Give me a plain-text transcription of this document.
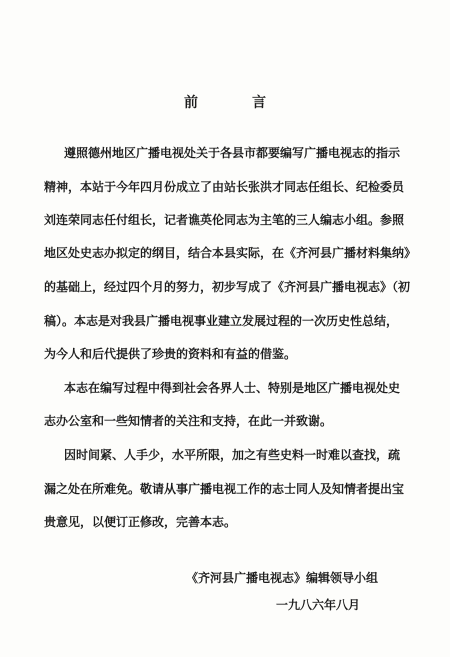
前　言
遵照德州地区广播电视处关于各县市都要编写广播电视志的指示
精神，本站于今年四月份成立了由站长张洪才同志任组长、纪检委员
刘连荣同志任付组长，记者谯英伦同志为主笔的三人编志小组。参照
地区处史志办拟定的纲目，结合本县实际，在《齐河县广播材料集纳》
的基础上，经过四个月的努力，初步写成了《齐河县广播电视志》（初
稿）。本志是对我县广播电视事业建立发展过程的一次历史性总结，
为今人和后代提供了珍贵的资料和有益的借鉴。
本志在编写过程中得到社会各界人士、特别是地区广播电视处史
志办公室和一些知情者的关注和支持，在此一并致谢。
因时间紧、人手少，水平所限，加之有些史料一时难以查找，疏
漏之处在所难免。敬请从事广播电视工作的志士同人及知情者提出宝
贵意见，以便订正修改，完善本志。
《齐河县广播电视志》编辑领导小组
一九八六年八月
